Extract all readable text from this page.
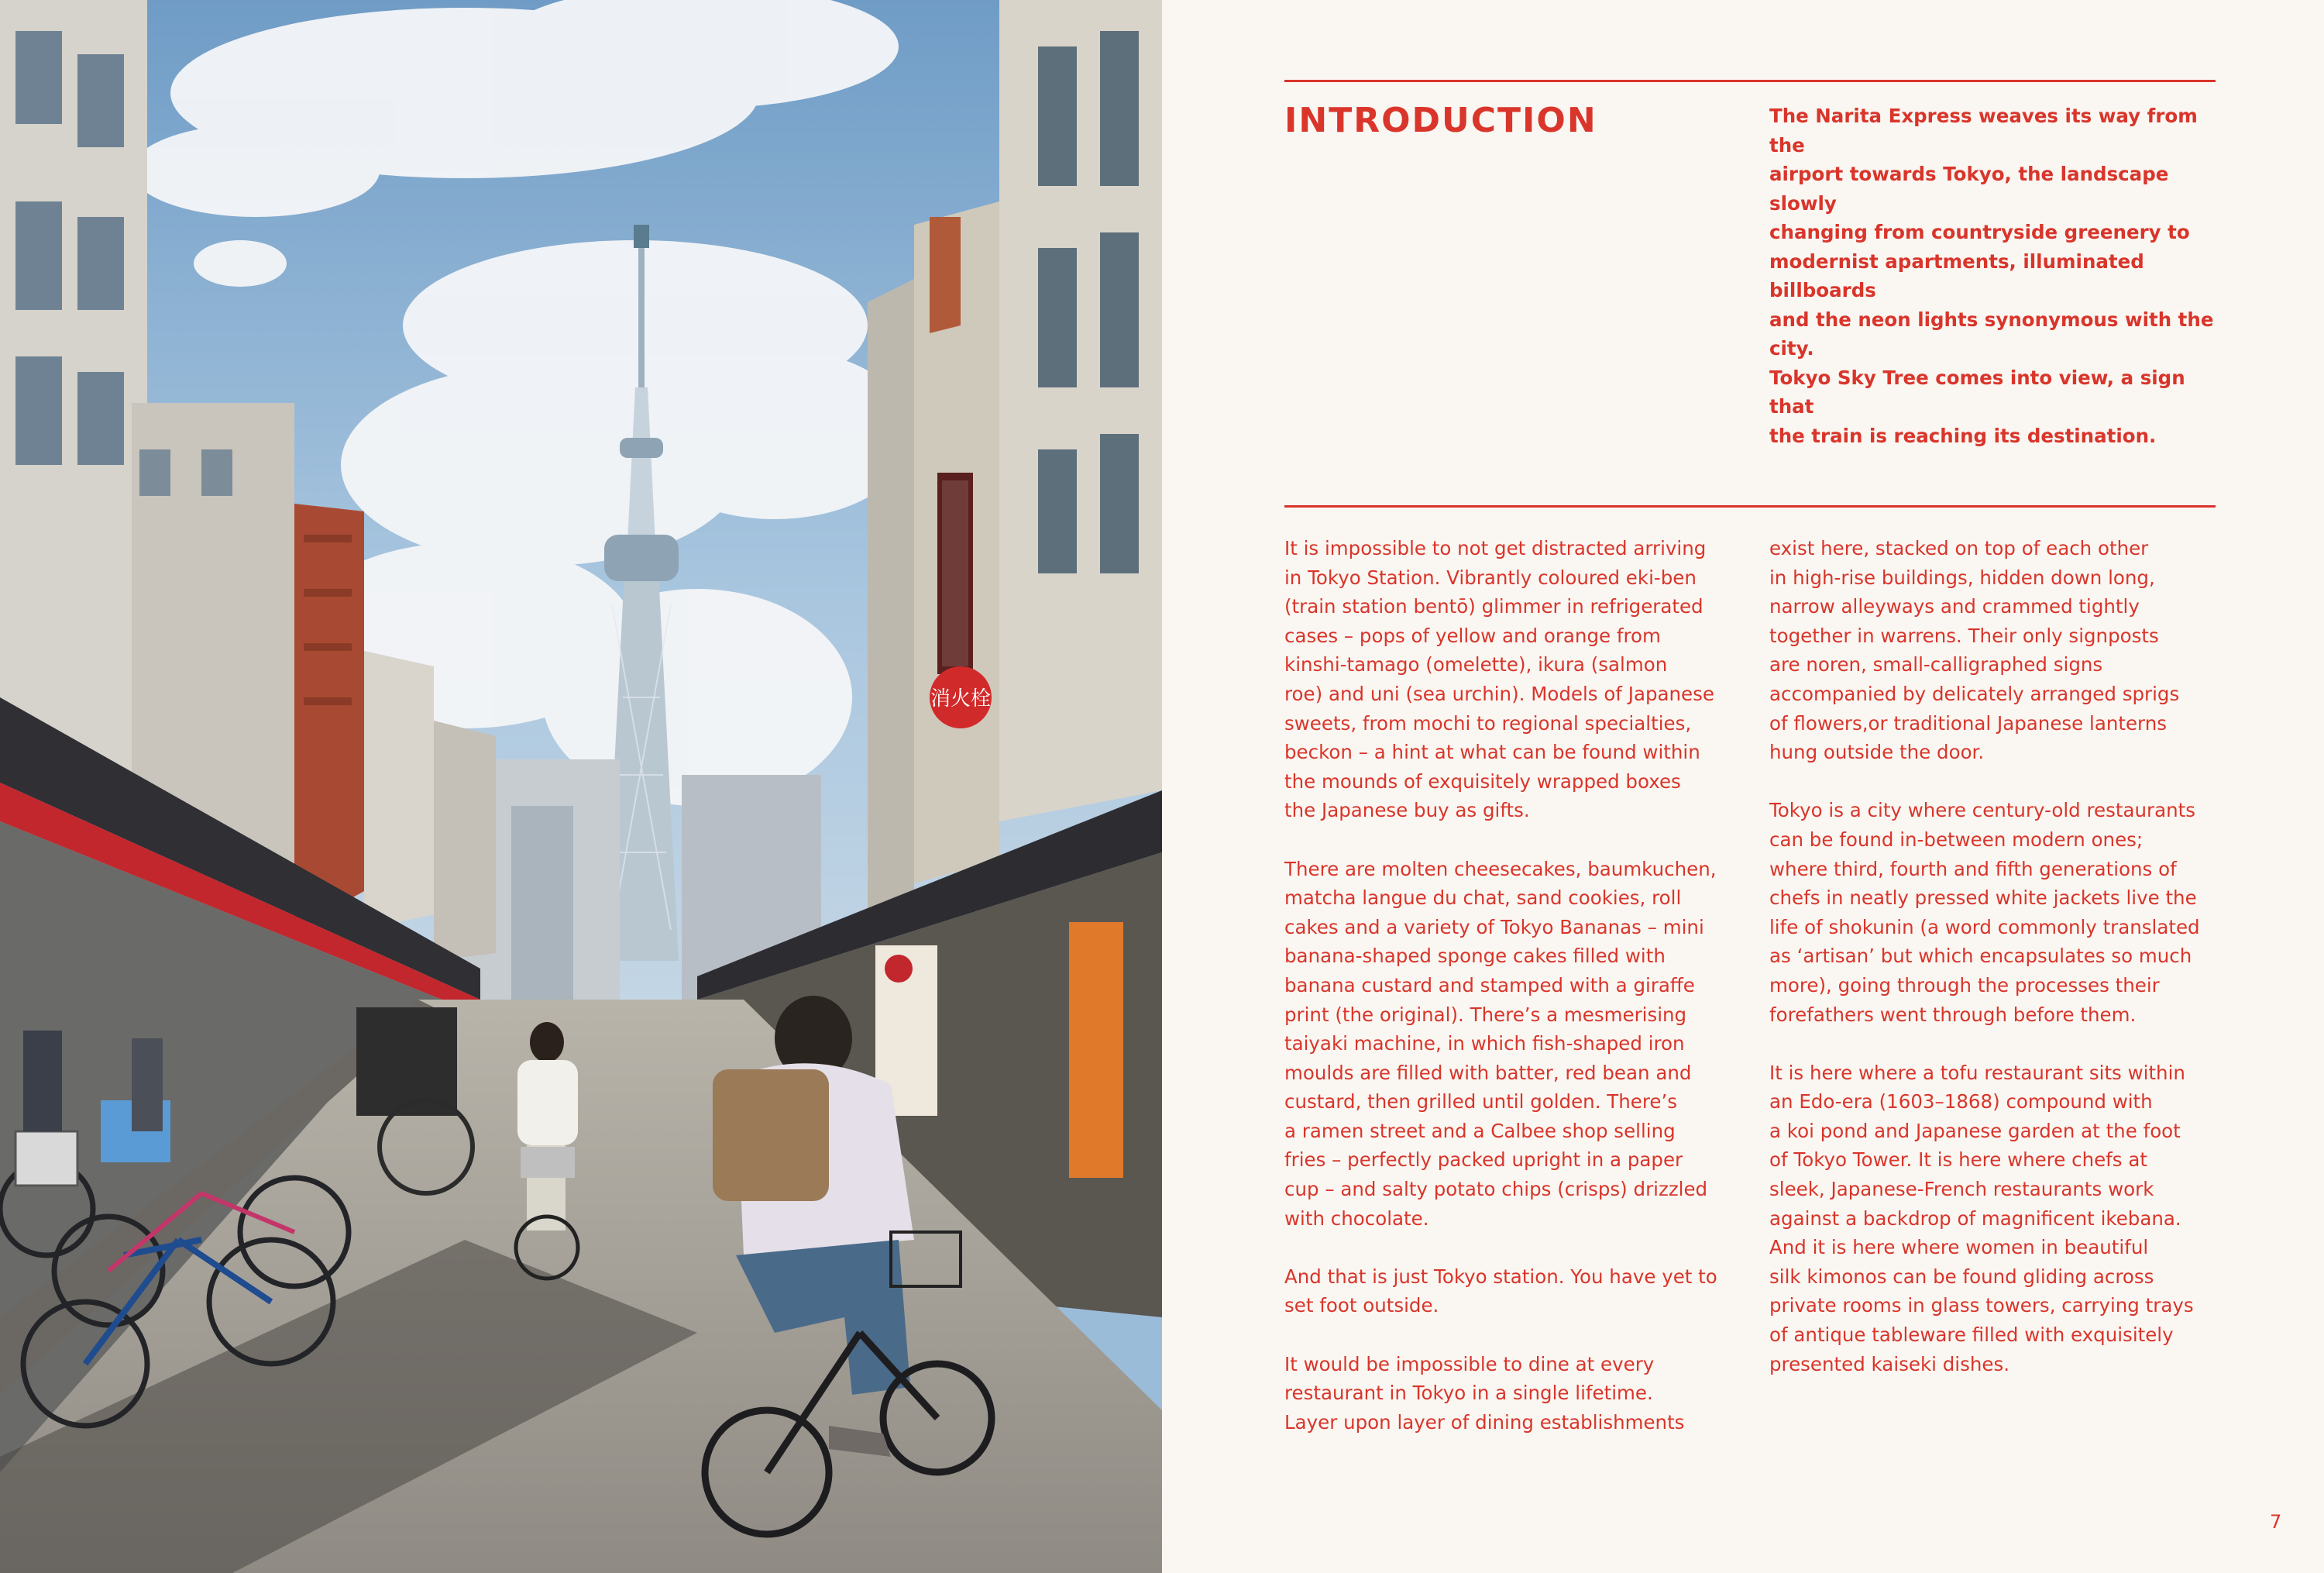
消火栓
INTRODUCTION	The Narita Express weaves its way from the
airport towards Tokyo, the landscape slowly
changing from countryside greenery to
modernist apartments, illuminated billboards
and the neon lights synonymous with the city.
Tokyo Sky Tree comes into view, a sign that
the train is reaching its destination.

It is impossible to not get distracted arriving
in Tokyo Station. Vibrantly coloured eki-ben
(train station bentō) glimmer in refrigerated
cases – pops of yellow and orange from
kinshi-tamago (omelette), ikura (salmon
roe) and uni (sea urchin). Models of Japanese
sweets, from mochi to regional specialties,
beckon – a hint at what can be found within
the mounds of exquisitely wrapped boxes
the Japanese buy as gifts.

There are molten cheesecakes, baumkuchen,
matcha langue du chat, sand cookies, roll
cakes and a variety of Tokyo Bananas – mini
banana-shaped sponge cakes filled with
banana custard and stamped with a giraffe
print (the original). There’s a mesmerising
taiyaki machine, in which fish-shaped iron
moulds are filled with batter, red bean and
custard, then grilled until golden. There’s
a ramen street and a Calbee shop selling
fries – perfectly packed upright in a paper
cup – and salty potato chips (crisps) drizzled
with chocolate.

And that is just Tokyo station. You have yet to
set foot outside.

It would be impossible to dine at every
restaurant in Tokyo in a single lifetime.
Layer upon layer of dining establishments

exist here, stacked on top of each other
in high-rise buildings, hidden down long,
narrow alleyways and crammed tightly
together in warrens. Their only signposts
are noren, small-calligraphed signs
accompanied by delicately arranged sprigs
of flowers,or traditional Japanese lanterns
hung outside the door.

Tokyo is a city where century-old restaurants
can be found in-between modern ones;
where third, fourth and fifth generations of
chefs in neatly pressed white jackets live the
life of shokunin (a word commonly translated
as ‘artisan’ but which encapsulates so much
more), going through the processes their
forefathers went through before them.

It is here where a tofu restaurant sits within
an Edo-era (1603–1868) compound with
a koi pond and Japanese garden at the foot
of Tokyo Tower. It is here where chefs at
sleek, Japanese-French restaurants work
against a backdrop of magnificent ikebana.
And it is here where women in beautiful
silk kimonos can be found gliding across
private rooms in glass towers, carrying trays
of antique tableware filled with exquisitely
presented kaiseki dishes.

7
